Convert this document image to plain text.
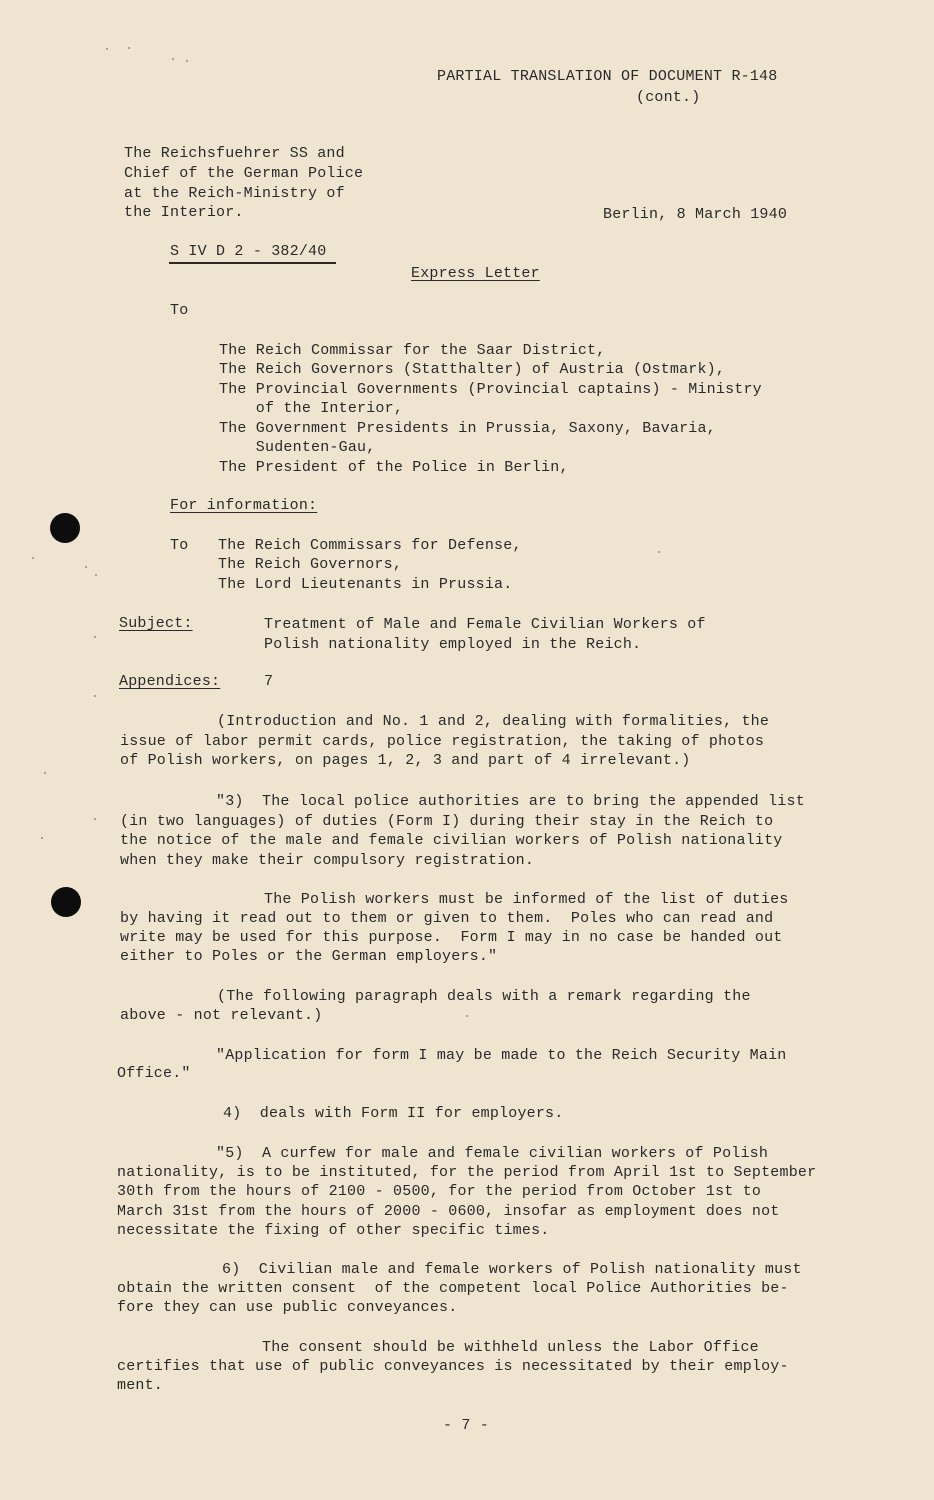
PARTIAL TRANSLATION OF DOCUMENT R-148
(cont.)
The Reichsfuehrer SS and
Chief of the German Police
at the Reich-Ministry of
the Interior.	Berlin, 8 March 1940
S IV D 2 - 382/40
Express Letter
To
The Reich Commissar for the Saar District,
The Reich Governors (Statthalter) of Austria (Ostmark),
The Provincial Governments (Provincial captains) - Ministry
of the Interior,
The Government Presidents in Prussia, Saxony, Bavaria,
Sudenten-Gau,
The President of the Police in Berlin,
For information:
To The Reich Commissars for Defense,
The Reich Governors,
The Lord Lieutenants in Prussia.
Subject:	Treatment of Male and Female Civilian Workers of
Polish nationality employed in the Reich.
Appendices:	7
(Introduction and No. 1 and 2, dealing with formalities, the
issue of labor permit cards, police registration, the taking of photos
of Polish workers, on pages 1, 2, 3 and part of 4 irrelevant.)
"3)  The local police authorities are to bring the appended list
(in two languages) of duties (Form I) during their stay in the Reich to
the notice of the male and female civilian workers of Polish nationality
when they make their compulsory registration.
The Polish workers must be informed of the list of duties
by having it read out to them or given to them.  Poles who can read and
write may be used for this purpose.  Form I may in no case be handed out
either to Poles or the German employers."
(The following paragraph deals with a remark regarding the
above - not relevant.)
"Application for form I may be made to the Reich Security Main
Office."
4)  deals with Form II for employers.
"5)  A curfew for male and female civilian workers of Polish
nationality, is to be instituted, for the period from April 1st to September
30th from the hours of 2100 - 0500, for the period from October 1st to
March 31st from the hours of 2000 - 0600, insofar as employment does not
necessitate the fixing of other specific times.
6)  Civilian male and female workers of Polish nationality must
obtain the written consent  of the competent local Police Authorities be-
fore they can use public conveyances.
The consent should be withheld unless the Labor Office
certifies that use of public conveyances is necessitated by their employ-
ment.
- 7 -
